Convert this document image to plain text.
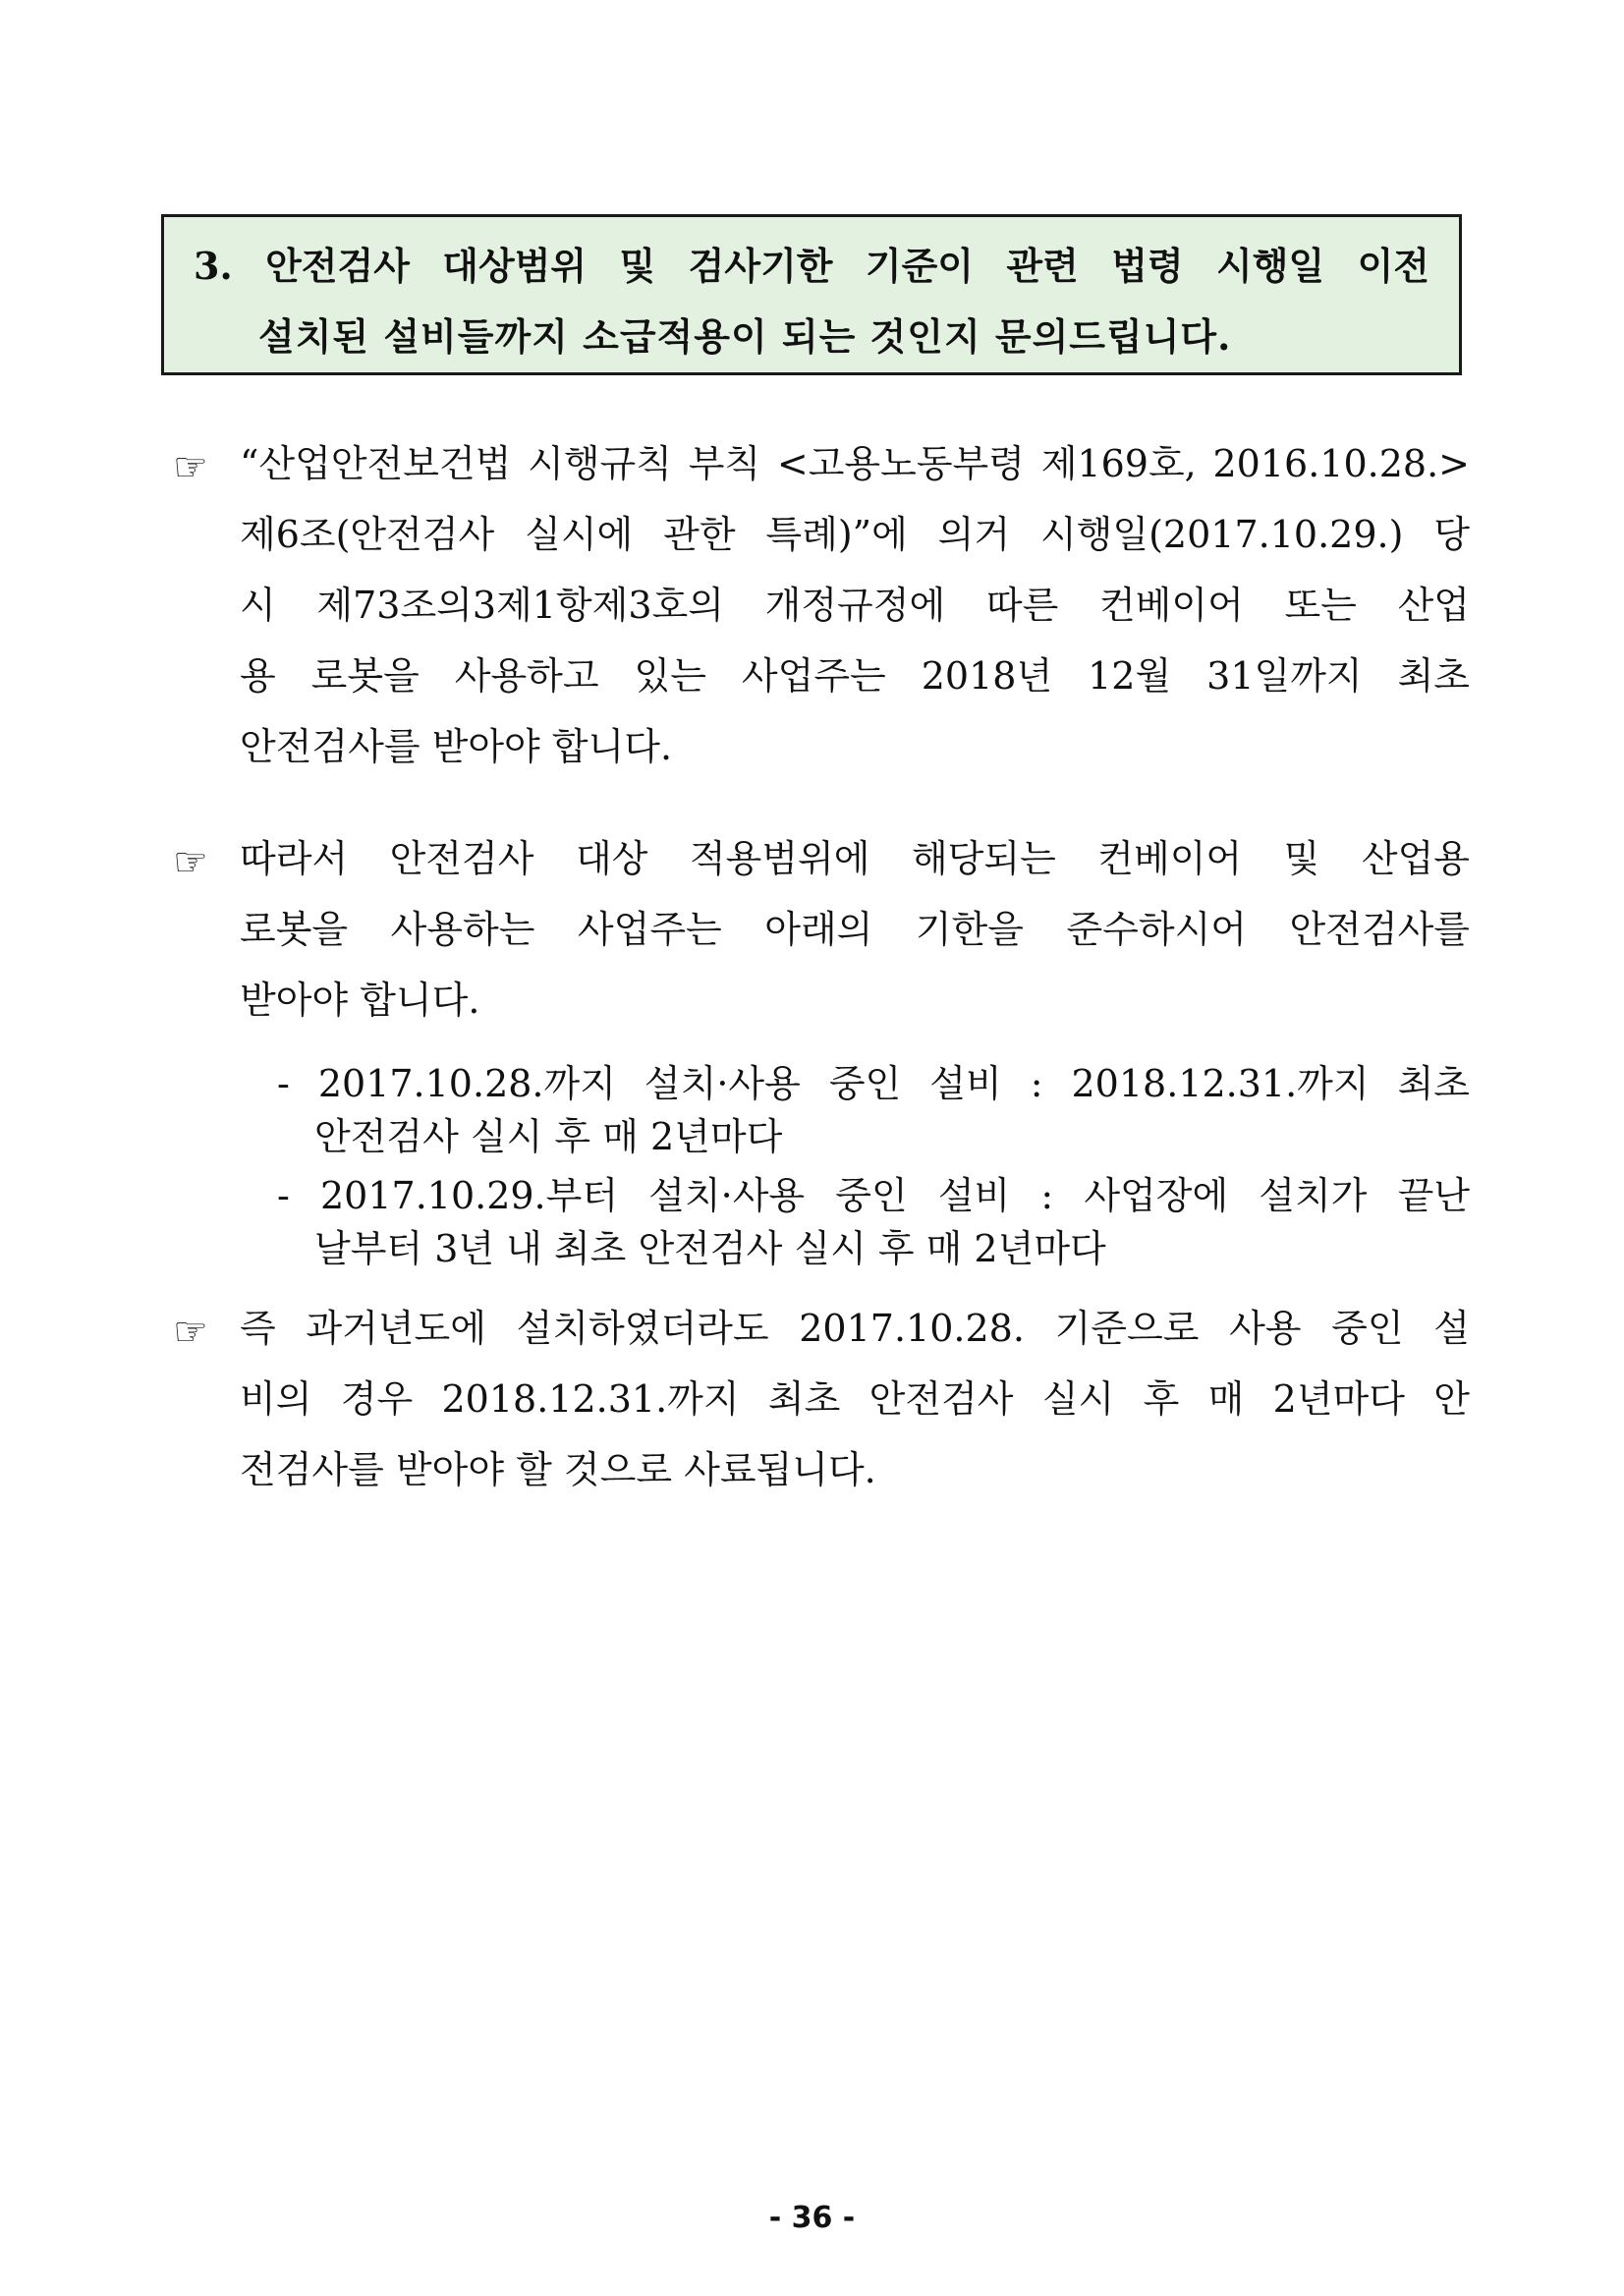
3. 안전검사 대상범위 및 검사기한 기준이 관련 법령 시행일 이전

설치된 설비들까지 소급적용이 되는 것인지 문의드립니다.

☞ “산업안전보건법 시행규칙 부칙 <고용노동부령 제169호, 2016.10.28.>
제6조(안전검사 실시에 관한 특례)”에 의거 시행일(2017.10.29.) 당
시 제73조의3제1항제3호의 개정규정에 따른 컨베이어 또는 산업
용 로봇을 사용하고 있는 사업주는 2018년 12월 31일까지 최초
안전검사를 받아야 합니다.
☞ 따라서 안전검사 대상 적용범위에 해당되는 컨베이어 및 산업용
로봇을 사용하는 사업주는 아래의 기한을 준수하시어 안전검사를
받아야 합니다.
- 2017.10.28.까지 설치·사용 중인 설비 : 2018.12.31.까지 최초
안전검사 실시 후 매 2년마다
- 2017.10.29.부터 설치·사용 중인 설비 : 사업장에 설치가 끝난
날부터 3년 내 최초 안전검사 실시 후 매 2년마다
☞ 즉 과거년도에 설치하였더라도 2017.10.28. 기준으로 사용 중인 설
비의 경우 2018.12.31.까지 최초 안전검사 실시 후 매 2년마다 안
전검사를 받아야 할 것으로 사료됩니다.
- 36 -
